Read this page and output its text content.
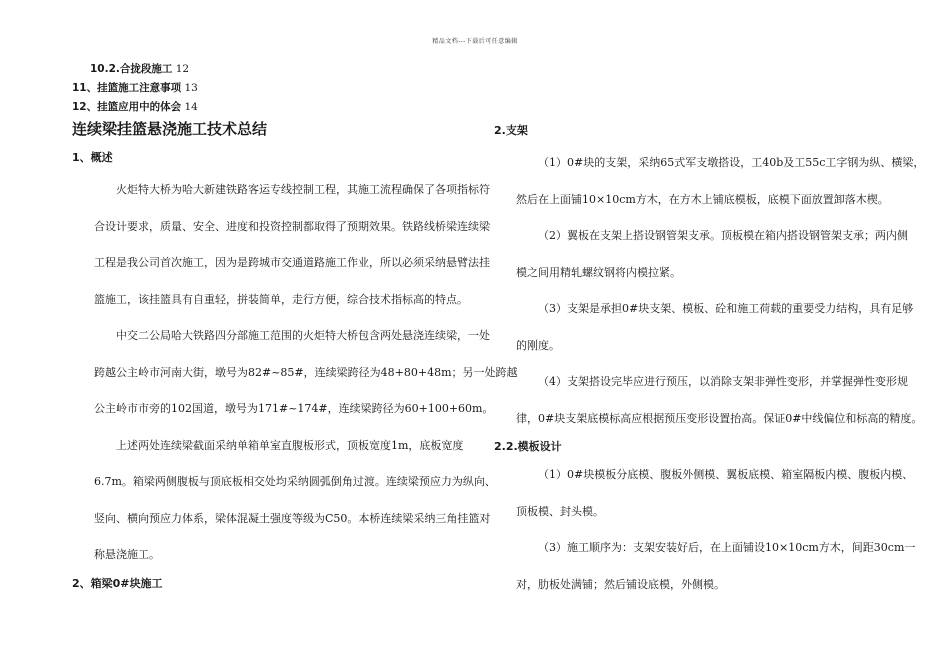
精品文档---下载后可任意编辑
10.2.合拢段施工 12
11、挂篮施工注意事项 13
12、挂篮应用中的体会 14
连续梁挂篮悬浇施工技术总结
1、概述
火炬特大桥为哈大新建铁路客运专线控制工程，其施工流程确保了各项指标符
合设计要求，质量、安全、进度和投资控制都取得了预期效果。铁路线桥梁连续梁
工程是我公司首次施工，因为是跨城市交通道路施工作业，所以必须采纳悬臂法挂
篮施工，该挂篮具有自重轻，拼装简单，走行方便，综合技术指标高的特点。
中交二公局哈大铁路四分部施工范围的火炬特大桥包含两处悬浇连续梁，一处
跨越公主岭市河南大街，墩号为82#~85#，连续梁跨径为48+80+48m；另一处跨越
公主岭市市旁的102国道，墩号为171#~174#，连续梁跨径为60+100+60m。
上述两处连续梁截面采纳单箱单室直腹板形式，顶板宽度1m，底板宽度
6.7m。箱梁两侧腹板与顶底板相交处均采纳圆弧倒角过渡。连续梁预应力为纵向、
竖向、横向预应力体系，梁体混凝土强度等级为C50。本桥连续梁采纳三角挂篮对
称悬浇施工。
2、箱梁0#块施工
2.支架
（1）0#块的支架，采纳65式军支墩搭设，工40b及工55c工字钢为纵、横梁，
然后在上面铺10×10cm方木，在方木上铺底模板，底模下面放置卸落木楔。
（2）翼板在支架上搭设钢管架支承。顶板模在箱内搭设钢管架支承；两内侧
模之间用精轧螺纹钢将内模拉紧。
（3）支架是承担0#块支架、模板、砼和施工荷载的重要受力结构，具有足够
的刚度。
（4）支架搭设完毕应进行预压，以消除支架非弹性变形，并掌握弹性变形规
律，0#块支架底模标高应根据预压变形设置抬高。保证0#中线偏位和标高的精度。
2.2.模板设计
（1）0#块模板分底模、腹板外侧模、翼板底模、箱室隔板内模、腹板内模、
顶板模、封头模。
（3）施工顺序为：支架安装好后，在上面铺设10×10cm方木，间距30cm一
对，肋板处满铺；然后铺设底模，外侧模。
